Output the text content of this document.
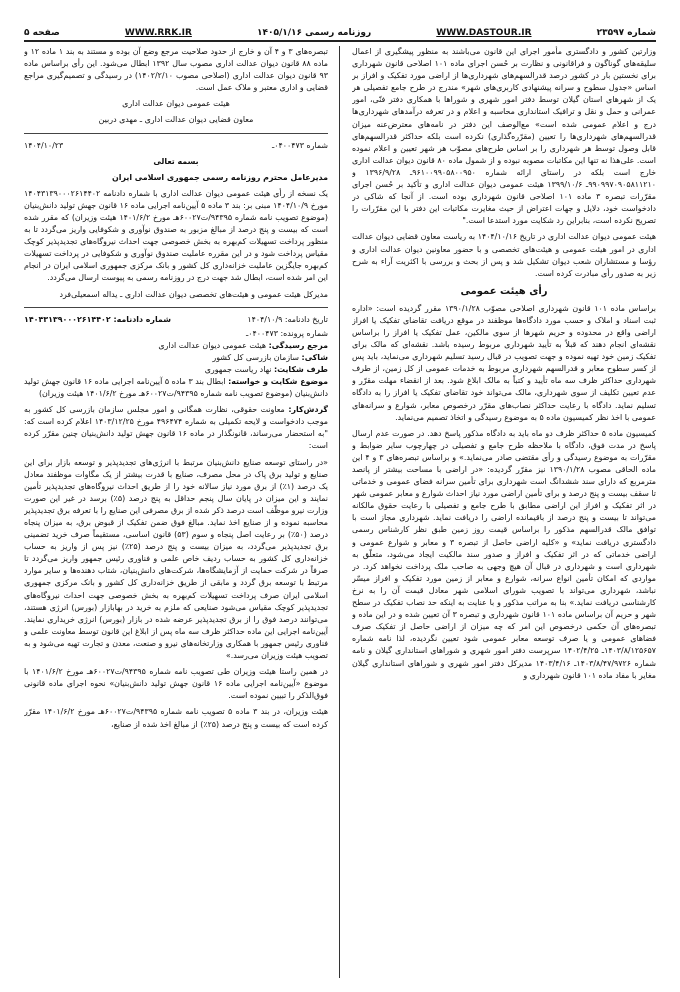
شماره ۲۳۵۹۷
WWW.DASTOUR.IR
روزنامه رسمی ۱۴۰۵/۱/۱۶
WWW.RRK.IR
صفحه ۵

وزارتین کشور و دادگستری مأمور اجرای این قانون می‌باشند به منظور پیشگیری از اعمال سلیقه‌های گوناگون و فراقانونی و نظارت بر حُسن اجرای ماده ۱۰۱ اصلاحی قانون شهرداری برای نخستین بار در کشور درصد قدرالسهم‌های شهرداری‌ها از اراضی مورد تفکیک و افراز بر اساس «جدول سطوح و سرانه پیشنهادی کاربری‌های شهر» مندرج در طرح جامع تفصیلی هر یک از شهرهای استان گیلان توسط دفتر امور شهری و شوراها با همکاری دفتر فنّی، امور عمرانی و حمل و نقل و ترافیک استانداری محاسبه و اعلام و در تعرفه درآمدهای شهرداری‌ها درج و اعلام عمومی شده است» مع‌الوصف این دفتر در نامه‌های معترض‌عنه میزان قدرالسهم‌های شهرداری‌ها را تعیین (مقرّره‌گذاری) نکرده است بلکه حداکثر قدرالسهم‌های قابل وصول توسط هر شهرداری را بر اساس طرح‌های مصوّب هر شهر تعیین و اعلام نموده است. علی‌هذا نه تنها این مکاتبات مصوبه نبوده و از شمول ماده ۸۰ قانون دیوان عدالت اداری خارج است بلکه در راستای ارائه شماره ۹۶۱۰۰۹۹۰۵۸۰۰۹۵۰ـ ۱۳۹۶/۹/۲۸ و ۹۹۰۹۹۷۰۹۰۵۸۱۱۲۱۰ـ ۱۳۹۹/۱۰/۶ هیئت عمومی دیوان عدالت اداری و تأکید بر حُسن اجرای مقرّرات تبصره ۳ ماده ۱۰۱ اصلاحی قانون شهرداری بوده است. از آنجا که شاکی در دادخواست خود، دلایل و جهات اعتراض از حیث مغایرت مکاتبات این دفتر با این مقرّرات را تصریح نکرده است، بنابراین رد شکایت مورد استدعا است."

هیئت عمومی دیوان عدالت اداری در تاریخ ۱۴۰۴/۱۰/۱۶ به ریاست معاون قضایی دیوان عدالت اداری در امور هیئت عمومی و هیئت‌های تخصصی و با حضور معاونین دیوان عدالت اداری و رؤسا و مستشاران شعب دیوان تشکیل شد و پس از بحث و بررسی با اکثریت آراء به شرح زیر به صدور رأی مبادرت کرده است.

رأی هیئت عمومی

براساس ماده ۱۰۱ قانون شهرداری اصلاحی مصوّب ۱۳۹۰/۱/۲۸ مقرر گردیده است: «اداره ثبت اسناد و املاک و حسب مورد دادگاه‌ها موظفند در موقع دریافت تقاضای تفکیک یا افراز اراضی واقع در محدوده و حریم شهرها از سوی مالکین، عمل تفکیک یا افراز را براساس نقشه‌ای انجام دهند که قبلاً به تأیید شهرداری مربوط رسیده باشد. نقشه‌ای که مالک برای تفکیک زمین خود تهیه نموده و جهت تصویب در قبال رسید تسلیم شهرداری می‌نماید، باید پس از کسر سطوح معابر و قدرالسهم شهرداری مربوط به خدمات عمومی از کل زمین، از طرف شهرداری حداکثر ظرف سه ماه تأیید و کتباً به مالک ابلاغ شود. بعد از انقضاء مهلت مقرّر و عدم تعیین تکلیف از سوی شهرداری، مالک می‌تواند خود تقاضای تفکیک یا افراز را به دادگاه تسلیم نماید. دادگاه با رعایت حداکثر نصاب‌های مقرّر درخصوص معابر، شوارع و سرانه‌های عمومی با اخذ نظر کمیسیون ماده ۵ به موضوع رسیدگی و اتخاذ تصمیم می‌نماید.

کمیسیون ماده ۵ حداکثر ظرف دو ماه باید به دادگاه مذکور پاسخ دهد. در صورت عدم ارسال پاسخ در مدت فوق، دادگاه با ملاحظه طرح جامع و تفصیلی در چهارچوب سایر ضوابط و مقرّرات به موضوع رسیدگی و رأی مقتضی صادر می‌نماید.» و براساس تبصره‌های ۳ و ۴ این ماده الحاقی مصوب ۱۳۹۰/۱/۲۸ نیز مقرّر گردیده: «در اراضی با مساحت بیشتر از پانصد مترمربع که دارای سند ششدانگ است شهرداری برای تأمین سرانه فضای عمومی و خدماتی تا سقف بیست و پنج درصد و برای تأمین اراضی مورد نیاز احداث شوارع و معابر عمومی شهر در اثر تفکیک و افراز این اراضی مطابق با طرح جامع و تفصیلی با رعایت حقوق مالکانه می‌تواند تا بیست و پنج درصد از باقیمانده اراضی را دریافت نماید. شهرداری مجاز است با توافق مالک قدرالسهم مذکور را براساس قیمت روز زمین طبق نظر کارشناس رسمی دادگستری دریافت نماید» و «کلیه اراضی حاصل از تبصره ۳ و معابر و شوارع عمومی و اراضی خدماتی که در اثر تفکیک و افراز و صدور سند مالکیت ایجاد می‌شود، متعلّق به شهرداری است و شهرداری در قبال آن هیچ وجهی به صاحب ملک پرداخت نخواهد کرد. در مواردی که امکان تأمین انواع سرانه، شوارع و معابر از زمین مورد تفکیک و افراز میسّر نباشد، شهرداری می‌تواند با تصویب شورای اسلامی شهر معادل قیمت آن را به نرخ کارشناسی دریافت نماید.» بنا به مراتب مذکور و با عنایت به اینکه حد نصاب تفکیک در سطح شهر و حریم آن براساس ماده ۱۰۱ قانون شهرداری و تبصره ۳ آن تعیین شده و در این ماده و تبصره‌های آن حکمی درخصوص این امر که چه میزان از اراضی حاصل از تفکیک صرف فضاهای عمومی و یا صرف توسعه معابر عمومی شود تعیین نگردیده، لذا نامه شماره ۱۴۰۳/۸/۱۲۵۶۵۷ـ ۱۴۰۲/۴/۲۵ سرپرست دفتر امور شهری و شوراهای استانداری گیلان و نامه شماره ۱۴۰۳/۸/۴۷/۹۷۲۶ـ ۱۴۰۳/۴/۱۶ مدیرکل دفتر امور شهری و شوراهای استانداری گیلان مغایر با مفاد ماده ۱۰۱ قانون شهرداری و

تبصره‌های ۳ و ۴ آن و خارج از حدود صلاحیت مرجع وضع آن بوده و مستند به بند ۱ ماده ۱۲ و ماده ۸۸ قانون دیوان عدالت اداری مصوب سال ۱۳۹۲ ابطال می‌شود. این رأی براساس ماده ۹۳ قانون دیوان عدالت اداری (اصلاحی مصوب ۱۴۰۲/۲/۱۰) در رسیدگی و تصمیم‌گیری مراجع قضایی و اداری معتبر و ملاک عمل است.

هیئت عمومی دیوان عدالت اداری
معاون قضایی دیوان عدالت اداری ـ مهدی دربین
شماره ۰۴۰۰۴۷۳ـ
۱۴۰۴/۱۰/۲۳
بسمه تعالی
مدیرعامل محترم روزنامه رسمی جمهوری اسلامی ایران

یک نسخه از رأی هیئت عمومی دیوان عدالت اداری با شماره دادنامه ۱۴۰۴۳۱۳۹۰۰۰۲۶۱۴۴۰۲ مورخ ۱۴۰۴/۱۰/۹ مبنی بر: بند ۳ ماده ۵ آیین‌نامه اجرایی ماده ۱۶ قانون جهش تولید دانش‌بنیان (موضوع تصویب نامه شماره ۹۴۳۹۵/ت۶۰۰۲۷هـ مورخ ۱۴۰۱/۶/۲ هیئت وزیران) که مقرر شده است که بیست و پنج درصد از مبالغ مزبور به صندوق نوآوری و شکوفایی واریز می‌گردد تا به منظور پرداخت تسهیلات کم‌بهره به بخش خصوصی جهت احداث نیروگاه‌های تجدیدپذیر کوچک مقیاس پرداخت شود و در این مقرره عاملیت صندوق نوآوری و شکوفایی در پرداخت تسهیلات کم‌بهره جایگزین عاملیت خزانه‌داری کل کشور و بانک مرکزی جمهوری اسلامی ایران در انجام این امر شده است، ابطال شد جهت درج در روزنامه رسمی به پیوست ارسال می‌گردد.

مدیرکل هیئت عمومی و هیئت‌های تخصصی دیوان عدالت اداری ـ یداله اسمعیلی‌فرد
تاریخ دادنامه: ۱۴۰۴/۱۰/۹
شماره دادنامه: ۱۴۰۴۳۱۳۹۰۰۰۲۶۱۴۴۰۲
شماره پرونده: ۰۴۰۰۴۷۳ـ
مرجع رسیدگی: هیئت عمومی دیوان عدالت اداری
شاکی: سازمان بازرسی کل کشور
طرف شکایت: نهاد ریاست جمهوری

موضوع شکایت و خواسته: ابطال بند ۳ ماده ۵ آیین‌نامه اجرایی ماده ۱۶ قانون جهش تولید دانش‌بنیان (موضوع تصویب نامه شماره ۹۴۳۹۵/ت۶۰۰۲۷هـ مورخ ۱۴۰۱/۶/۲ هیئت وزیران)

گردش‌کار: معاونت حقوقی، نظارت همگانی و امور مجلس سازمان بازرسی کل کشور به موجب دادخواست و لایحه تکمیلی به شماره ۴۹۶۴۷۴ مورخ ۱۴۰۳/۱۲/۲۵ اعلام کرده است که: "به استحضار می‌رساند، قانونگذار در ماده ۱۶ قانون جهش تولید دانش‌بنیان چنین مقرّر کرده است:

«در راستای توسعه صنایع دانش‌بنیان مرتبط با انرژی‌های تجدیدپذیر و توسعه بازار برای این صنایع و تولید برق پاک در محل مصرف، صنایع با قدرت بیشتر از یک مگاوات موظفند معادل یک درصد (۱٪) از برق مورد نیاز سالانه خود را از طریق احداث نیروگاه‌های تجدیدپذیر تأمین نمایند و این میزان در پایان سال پنجم حداقل به پنج درصد (۵٪) برسد در غیر این صورت وزارت نیرو موظّف است درصد ذکر شده از برق مصرفی این صنایع را با تعرفه برق تجدیدپذیر محاسبه نموده و از صنایع اخذ نماید. مبالغ فوق ضمن تفکیک از قبوض برق، به میزان پنجاه درصد (۵۰٪) بر رعایت اصل پنجاه و سوم (۵۳) قانون اساسی، مستقیماً صرف خرید تضمینی برق تجدیدپذیر می‌گردد، به میزان بیست و پنج درصد (۲۵٪) نیز پس از واریز به حساب خزانه‌داری کل کشور به حساب ردیف خاص علمی و فناوری رئیس جمهور واریز می‌گردد تا صرفاً در شرکت حمایت از آزمایشگاه‌ها، شرکت‌های دانش‌بنیان، شتاب دهنده‌ها و سایر موارد مرتبط با توسعه برق گردد و مابقی از طریق خزانه‌داری کل کشور و بانک مرکزی جمهوری اسلامی ایران صرف پرداخت تسهیلات کم‌بهره به بخش خصوصی جهت احداث نیروگاه‌های تجدیدپذیر کوچک مقیاس می‌شود صنایعی که ملزم به خرید در بهابازار (بورس) انرژی هستند، می‌توانند درصد فوق را از برق تجدیدپذیر عرضه شده در بازار (بورس) انرژی خریداری نمایند. آیین‌نامه اجرایی این ماده حداکثر ظرف سه ماه پس از ابلاغ این قانون توسط معاونت علمی و فناوری رئیس جمهور با همکاری وزارتخانه‌های نیرو و صنعت، معدن و تجارت تهیه می‌شود و به تصویب هیئت وزیران می‌رسد.»

در همین راستا هیئت وزیران طی تصویب نامه شماره ۹۴۳۹۵/ت۶۰۰۲۷هـ مورخ ۱۴۰۱/۶/۲ با موضوع «آیین‌نامه اجرایی ماده ۱۶ قانون جهش تولید دانش‌بنیان» نحوه اجرای ماده قانونی فوق‌الذکر را تبیین نموده است.

هیئت وزیران، در بند ۳ ماده ۵ تصویب نامه شماره ۹۴۳۹۵/ت۶۰۰۲۷هـ مورخ ۱۴۰۱/۶/۲ مقرّر کرده است که بیست و پنج درصد (۲۵٪) از مبالغ اخذ شده از صنایع،
